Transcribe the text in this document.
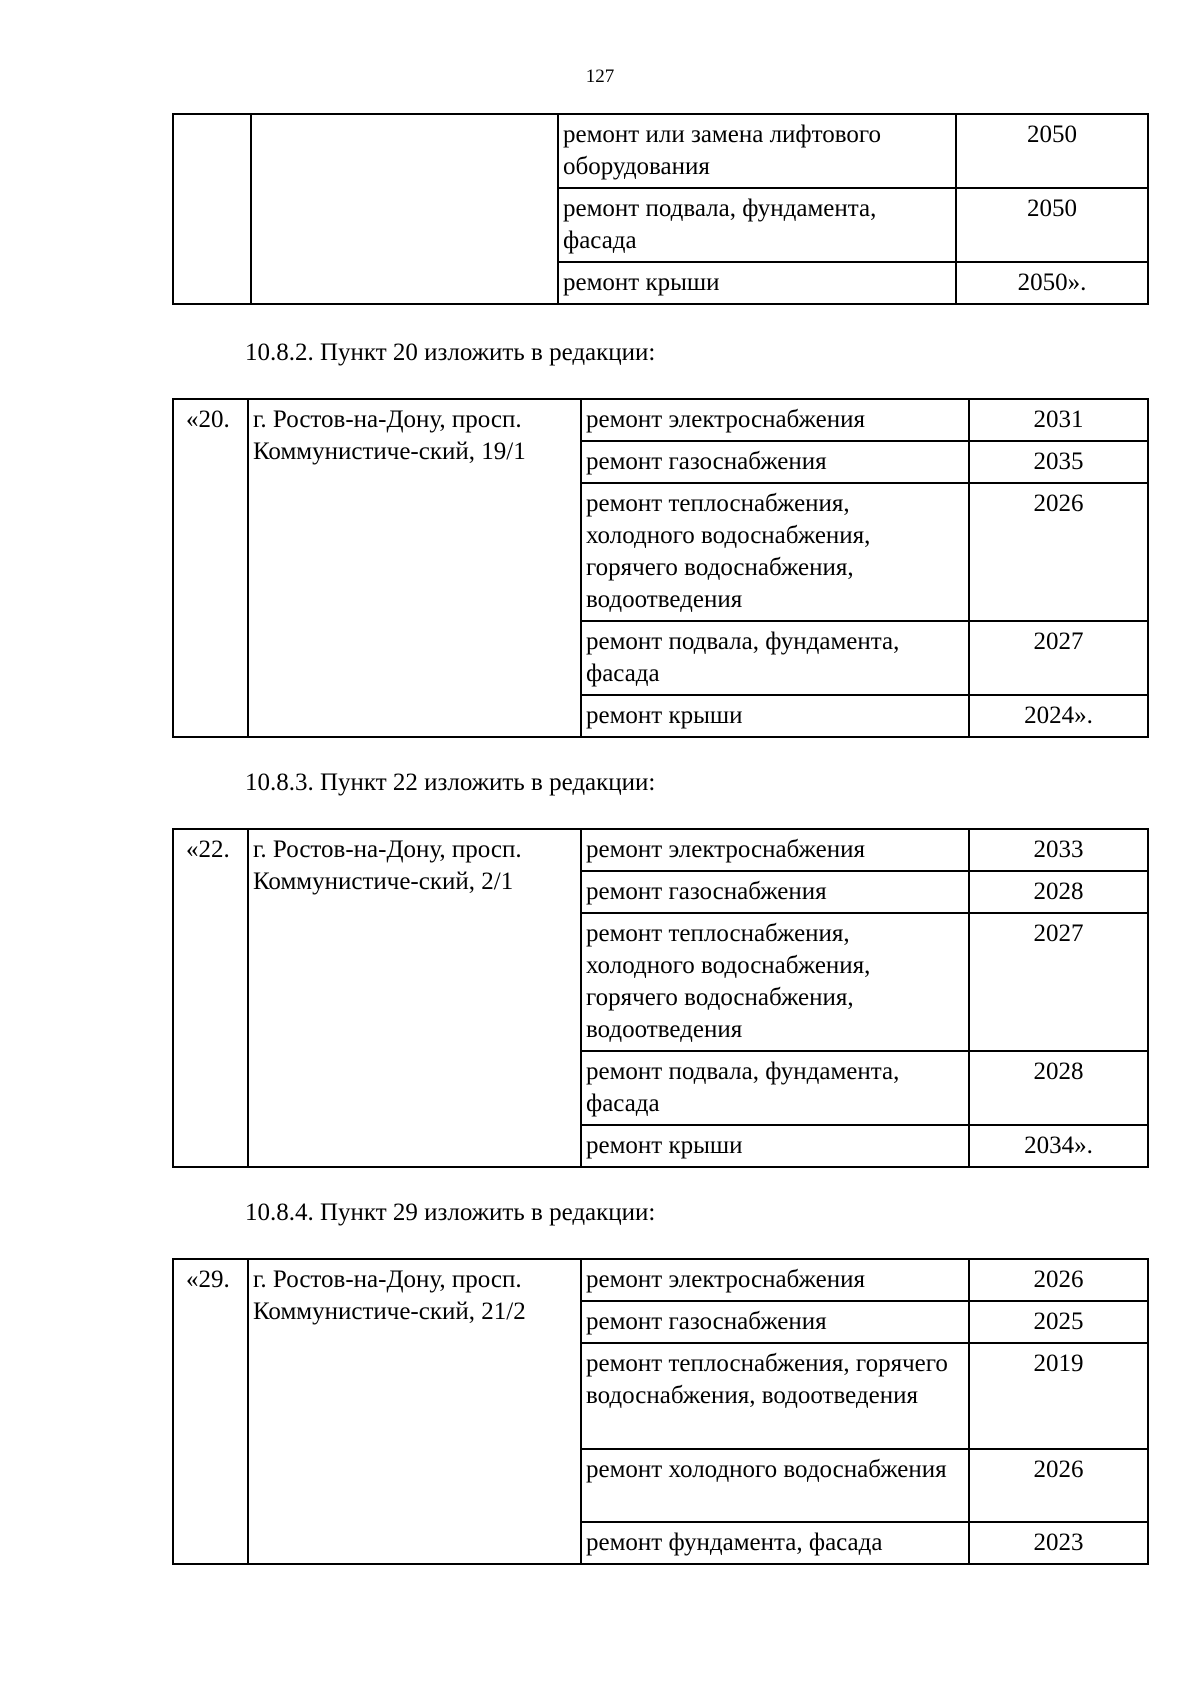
127
		ремонт или замена лифтового оборудования	2050
		ремонт подвала, фундамента, фасада	2050
		ремонт крыши	2050».
10.8.2. Пункт 20 изложить в редакции:
«20.	г. Ростов-на-Дону, просп. Коммунистиче-ский, 19/1	ремонт электроснабжения	2031
		ремонт газоснабжения	2035
		ремонт теплоснабжения, холодного водоснабжения, горячего водоснабжения, водоотведения	2026
		ремонт подвала, фундамента, фасада	2027
		ремонт крыши	2024».
10.8.3. Пункт 22 изложить в редакции:
«22.	г. Ростов-на-Дону, просп. Коммунистиче-ский, 2/1	ремонт электроснабжения	2033
		ремонт газоснабжения	2028
		ремонт теплоснабжения, холодного водоснабжения, горячего водоснабжения, водоотведения	2027
		ремонт подвала, фундамента, фасада	2028
		ремонт крыши	2034».
10.8.4. Пункт 29 изложить в редакции:
«29.	г. Ростов-на-Дону, просп. Коммунистиче-ский, 21/2	ремонт электроснабжения	2026
		ремонт газоснабжения	2025
		ремонт теплоснабжения, горячего водоснабжения, водоотведения	2019
		ремонт холодного водоснабжения	2026
		ремонт фундамента, фасада	2023
